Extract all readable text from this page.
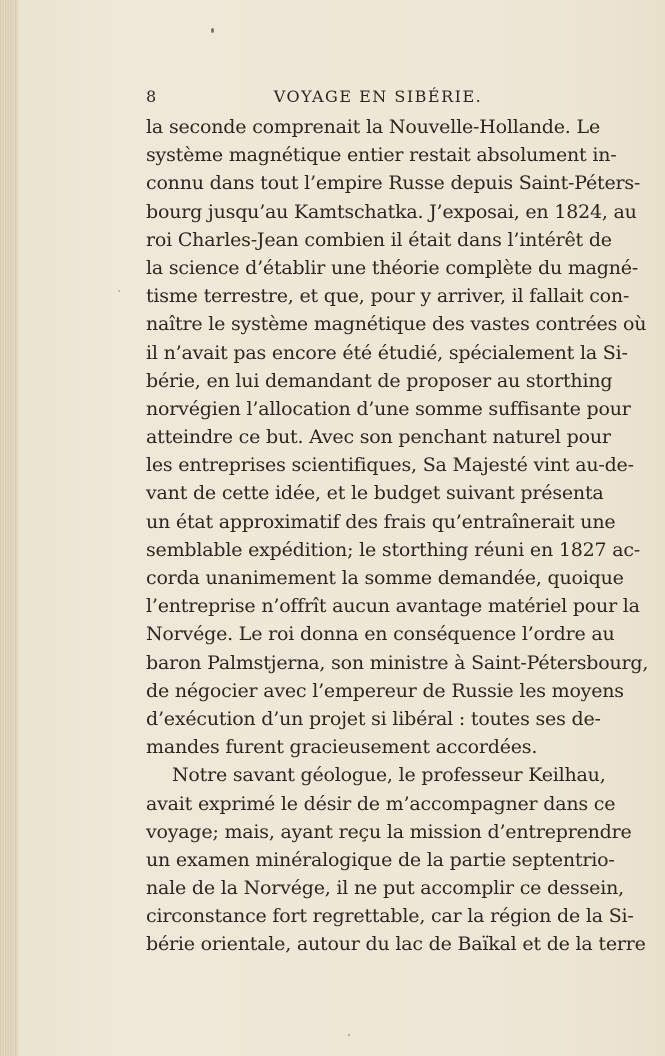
8	VOYAGE EN SIBÉRIE.
la seconde comprenait la Nouvelle-Hollande. Le
système magnétique entier restait absolument in-
connu dans tout l’empire Russe depuis Saint-Péters-
bourg jusqu’au Kamtschatka. J’exposai, en 1824, au
roi Charles-Jean combien il était dans l’intérêt de
la science d’établir une théorie complète du magné-
tisme terrestre, et que, pour y arriver, il fallait con-
naître le système magnétique des vastes contrées où
il n’avait pas encore été étudié, spécialement la Si-
bérie, en lui demandant de proposer au storthing
norvégien l’allocation d’une somme suffisante pour
atteindre ce but. Avec son penchant naturel pour
les entreprises scientifiques, Sa Majesté vint au-de-
vant de cette idée, et le budget suivant présenta
un état approximatif des frais qu’entraînerait une
semblable expédition; le storthing réuni en 1827 ac-
corda unanimement la somme demandée, quoique
l’entreprise n’offrît aucun avantage matériel pour la
Norvége. Le roi donna en conséquence l’ordre au
baron Palmstjerna, son ministre à Saint-Pétersbourg,
de négocier avec l’empereur de Russie les moyens
d’exécution d’un projet si libéral : toutes ses de-
mandes furent gracieusement accordées.
Notre savant géologue, le professeur Keilhau,
avait exprimé le désir de m’accompagner dans ce
voyage; mais, ayant reçu la mission d’entreprendre
un examen minéralogique de la partie septentrio-
nale de la Norvége, il ne put accomplir ce dessein,
circonstance fort regrettable, car la région de la Si-
bérie orientale, autour du lac de Baïkal et de la terre
